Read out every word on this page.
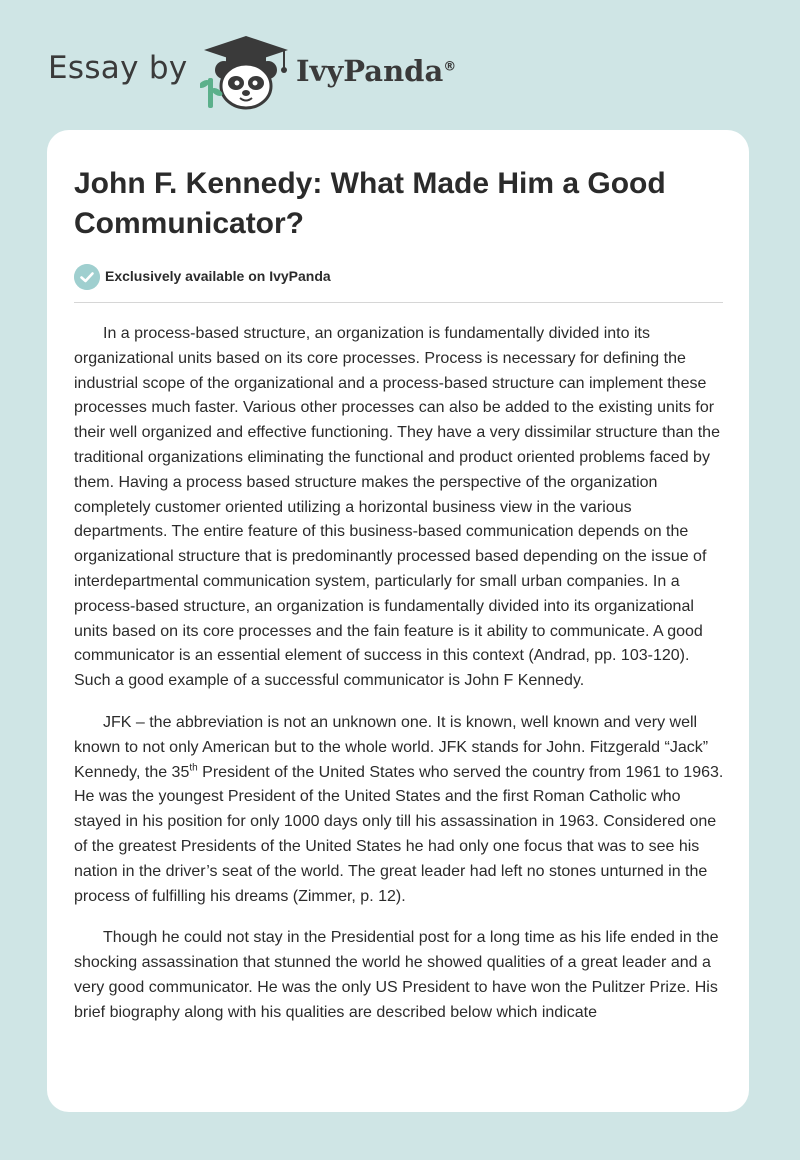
Essay by	IvyPanda®
John F. Kennedy: What Made Him a Good Communicator?
Exclusively available on IvyPanda

In a process-based structure, an organization is fundamentally divided into its organizational units based on its core processes. Process is necessary for defining the industrial scope of the organizational and a process-based structure can implement these processes much faster. Various other processes can also be added to the existing units for their well organized and effective functioning. They have a very dissimilar structure than the traditional organizations eliminating the functional and product oriented problems faced by them. Having a process based structure makes the perspective of the organization completely customer oriented utilizing a horizontal business view in the various departments. The entire feature of this business-based communication depends on the organizational structure that is predominantly processed based depending on the issue of interdepartmental communication system, particularly for small urban companies. In a process-based structure, an organization is fundamentally divided into its organizational units based on its core processes and the fain feature is it ability to communicate. A good communicator is an essential element of success in this context (Andrad, pp. 103-120). Such a good example of a successful communicator is John F Kennedy.

JFK – the abbreviation is not an unknown one. It is known, well known and very well known to not only American but to the whole world. JFK stands for John. Fitzgerald “Jack” Kennedy, the 35th President of the United States who served the country from 1961 to 1963. He was the youngest President of the United States and the first Roman Catholic who stayed in his position for only 1000 days only till his assassination in 1963. Considered one of the greatest Presidents of the United States he had only one focus that was to see his nation in the driver’s seat of the world. The great leader had left no stones unturned in the process of fulfilling his dreams (Zimmer, p. 12).

Though he could not stay in the Presidential post for a long time as his life ended in the shocking assassination that stunned the world he showed qualities of a great leader and a very good communicator. He was the only US President to have won the Pulitzer Prize. His brief biography along with his qualities are described below which indicate
